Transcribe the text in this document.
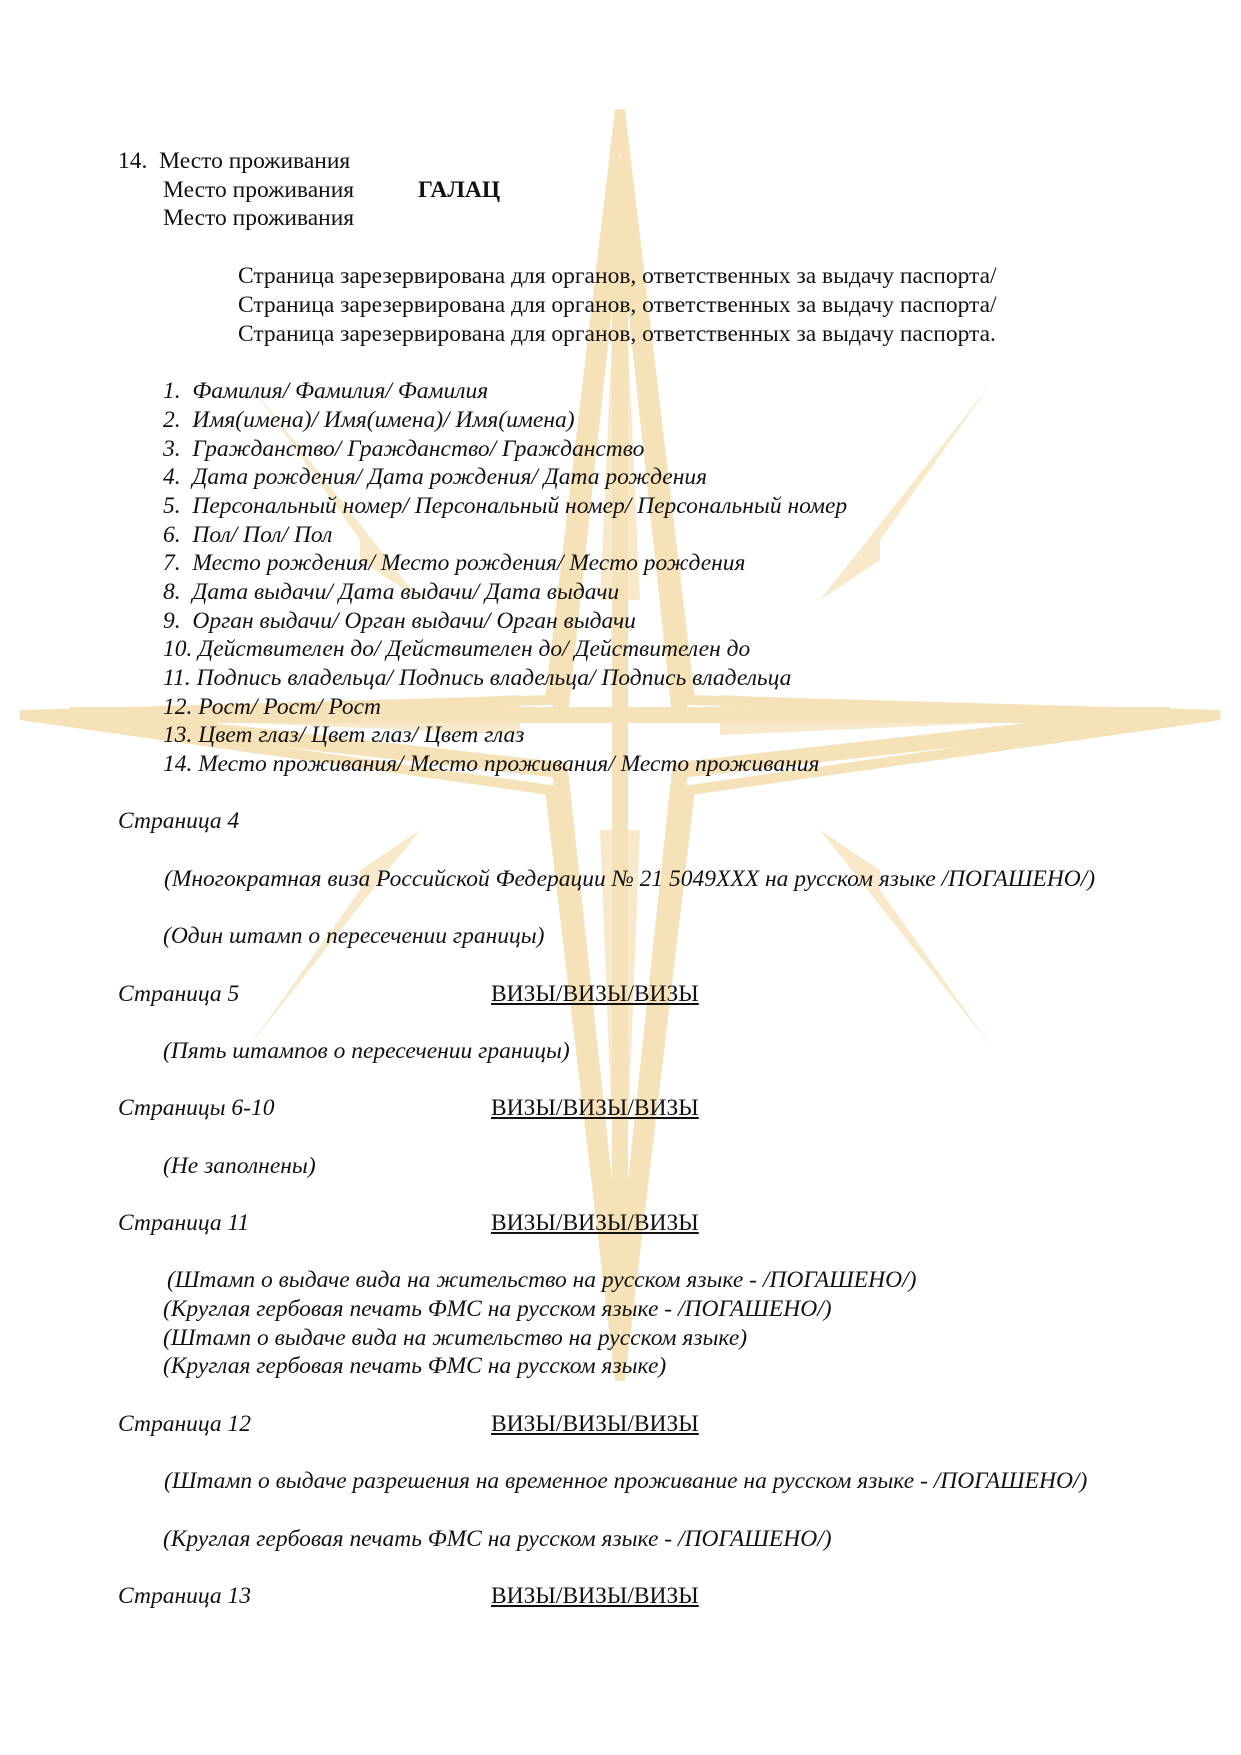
14. Место проживания
Место проживания	ГАЛАЦ
Место проживания
Страница зарезервирована для органов, ответственных за выдачу паспорта/
Страница зарезервирована для органов, ответственных за выдачу паспорта/
Страница зарезервирована для органов, ответственных за выдачу паспорта.
1. Фамилия/ Фамилия/ Фамилия
2. Имя(имена)/ Имя(имена)/ Имя(имена)
3. Гражданство/ Гражданство/ Гражданство
4. Дата рождения/ Дата рождения/ Дата рождения
5. Персональный номер/ Персональный номер/ Персональный номер
6. Пол/ Пол/ Пол
7. Место рождения/ Место рождения/ Место рождения
8. Дата выдачи/ Дата выдачи/ Дата выдачи
9. Орган выдачи/ Орган выдачи/ Орган выдачи
10. Действителен до/ Действителен до/ Действителен до
11. Подпись владельца/ Подпись владельца/ Подпись владельца
12. Рост/ Рост/ Рост
13. Цвет глаз/ Цвет глаз/ Цвет глаз
14. Место проживания/ Место проживания/ Место проживания
Страница 4
(Многократная виза Российской Федерации № 21 5049XXX на русском языке /ПОГАШЕНО/)
(Один штамп о пересечении границы)
Страница 5	ВИЗЫ/ВИЗЫ/ВИЗЫ
(Пять штампов о пересечении границы)
Страницы 6-10	ВИЗЫ/ВИЗЫ/ВИЗЫ
(Не заполнены)
Страница 11	ВИЗЫ/ВИЗЫ/ВИЗЫ
(Штамп о выдаче вида на жительство на русском языке - /ПОГАШЕНО/)
(Круглая гербовая печать ФМС на русском языке - /ПОГАШЕНО/)
(Штамп о выдаче вида на жительство на русском языке)
(Круглая гербовая печать ФМС на русском языке)
Страница 12	ВИЗЫ/ВИЗЫ/ВИЗЫ
(Штамп о выдаче разрешения на временное проживание на русском языке - /ПОГАШЕНО/)
(Круглая гербовая печать ФМС на русском языке - /ПОГАШЕНО/)
Страница 13	ВИЗЫ/ВИЗЫ/ВИЗЫ
